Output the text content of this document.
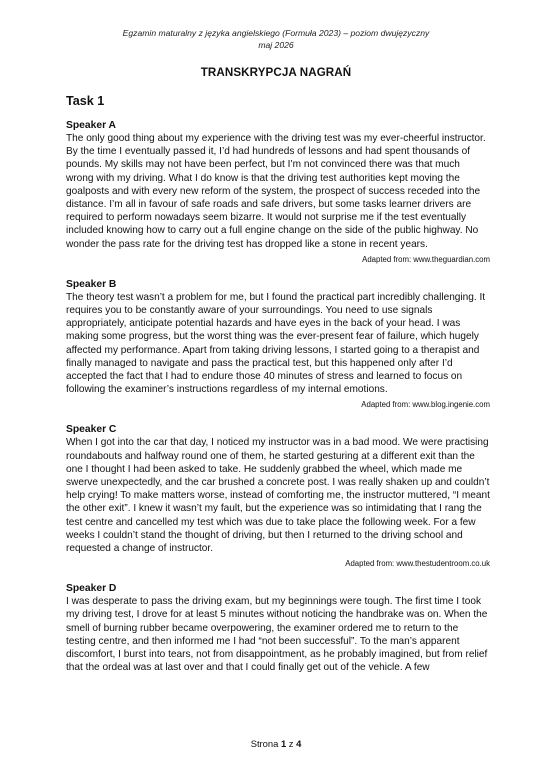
Egzamin maturalny z języka angielskiego (Formuła 2023) – poziom dwujęzyczny
maj 2026
TRANSKRYPCJA NAGRAŃ
Task 1

Speaker A

The only good thing about my experience with the driving test was my ever-cheerful instructor. By the time I eventually passed it, I’d had hundreds of lessons and had spent thousands of pounds. My skills may not have been perfect, but I’m not convinced there was that much wrong with my driving. What I do know is that the driving test authorities kept moving the goalposts and with every new reform of the system, the prospect of success receded into the distance. I’m all in favour of safe roads and safe drivers, but some tasks learner drivers are required to perform nowadays seem bizarre. It would not surprise me if the test eventually included knowing how to carry out a full engine change on the side of the public highway. No wonder the pass rate for the driving test has dropped like a stone in recent years.

Adapted from: www.theguardian.com

Speaker B

The theory test wasn’t a problem for me, but I found the practical part incredibly challenging. It requires you to be constantly aware of your surroundings. You need to use signals appropriately, anticipate potential hazards and have eyes in the back of your head. I was making some progress, but the worst thing was the ever-present fear of failure, which hugely affected my performance. Apart from taking driving lessons, I started going to a therapist and finally managed to navigate and pass the practical test, but this happened only after I’d accepted the fact that I had to endure those 40 minutes of stress and learned to focus on following the examiner’s instructions regardless of my internal emotions.

Adapted from: www.blog.ingenie.com

Speaker C

When I got into the car that day, I noticed my instructor was in a bad mood. We were practising roundabouts and halfway round one of them, he started gesturing at a different exit than the one I thought I had been asked to take. He suddenly grabbed the wheel, which made me swerve unexpectedly, and the car brushed a concrete post. I was really shaken up and couldn’t help crying! To make matters worse, instead of comforting me, the instructor muttered, “I meant the other exit”. I knew it wasn’t my fault, but the experience was so intimidating that I rang the test centre and cancelled my test which was due to take place the following week. For a few weeks I couldn’t stand the thought of driving, but then I returned to the driving school and requested a change of instructor.

Adapted from: www.thestudentroom.co.uk

Speaker D

I was desperate to pass the driving exam, but my beginnings were tough. The first time I took my driving test, I drove for at least 5 minutes without noticing the handbrake was on. When the smell of burning rubber became overpowering, the examiner ordered me to return to the testing centre, and then informed me I had “not been successful”. To the man’s apparent discomfort, I burst into tears, not from disappointment, as he probably imagined, but from relief that the ordeal was at last over and that I could finally get out of the vehicle. A few

Strona 1 z 4
